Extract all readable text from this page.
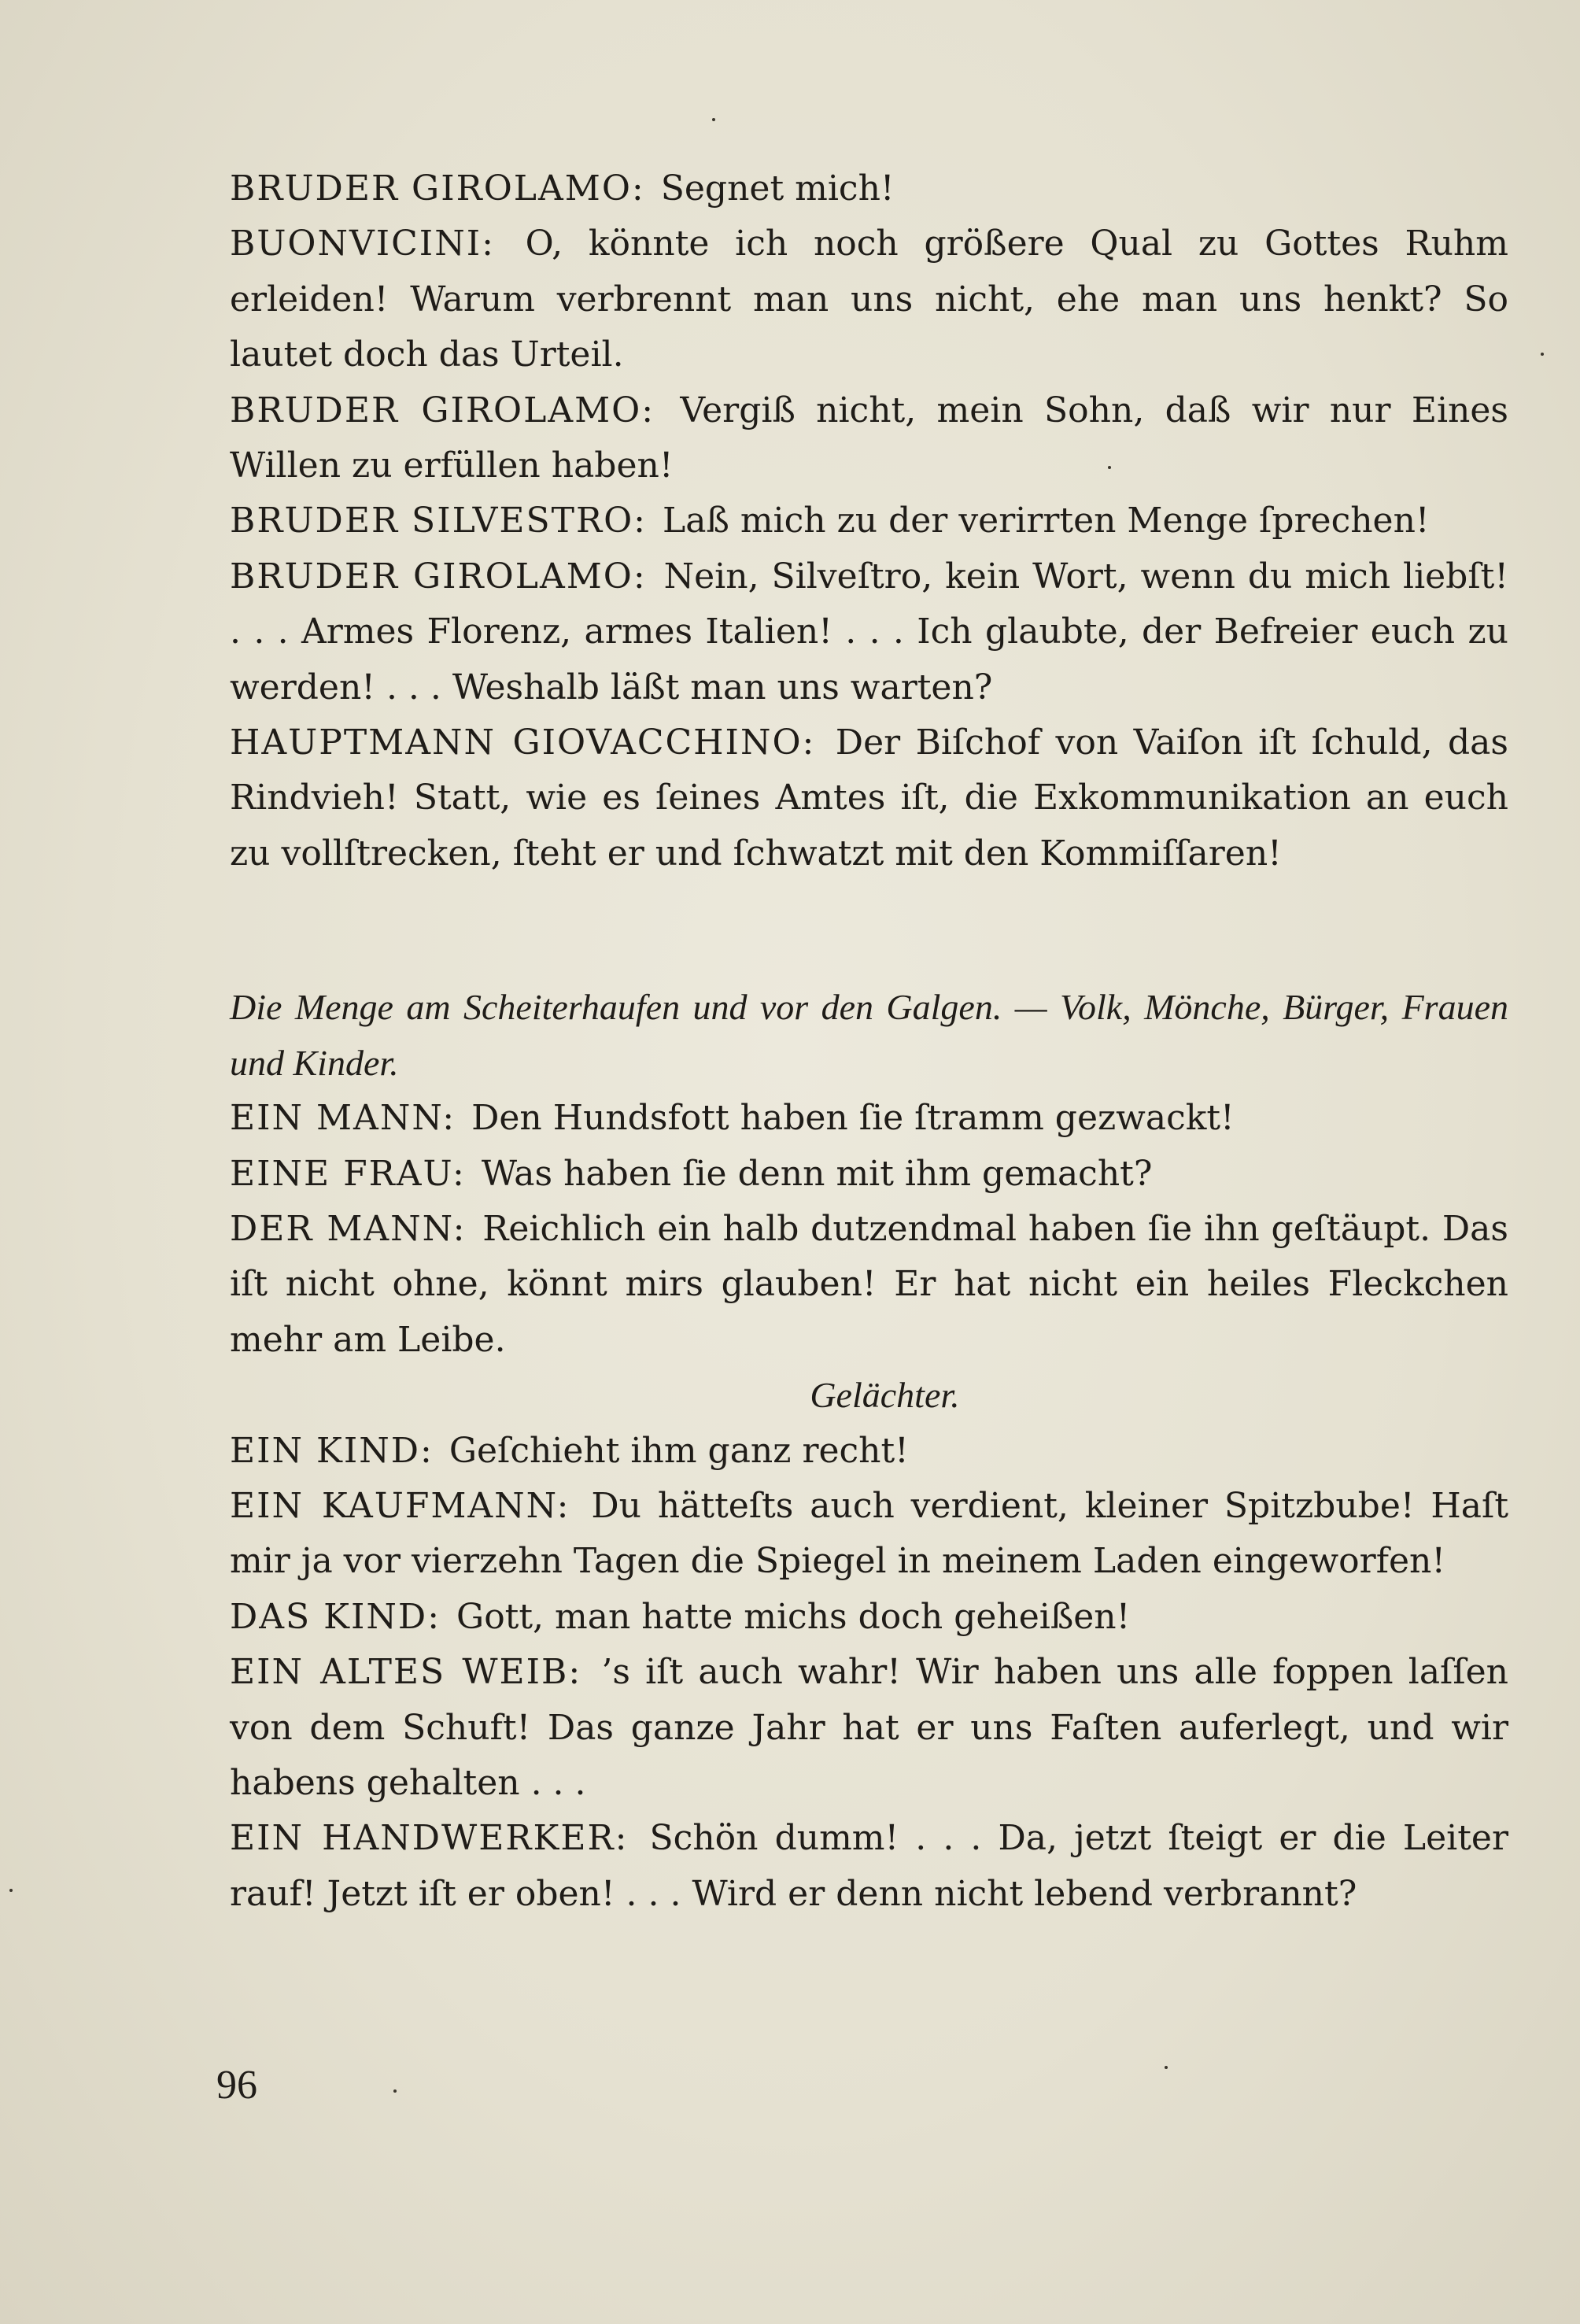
BRUDER GIROLAMO: Segnet mich!

BUONVICINI: O, könnte ich noch größere Qual zu Gottes Ruhm erleiden! Warum verbrennt man uns nicht, ehe man uns henkt? So lautet doch das Urteil.

BRUDER GIROLAMO: Vergiß nicht, mein Sohn, daß wir nur Eines Willen zu erfüllen haben!

BRUDER SILVESTRO: Laß mich zu der verirrten Menge ſprechen!

BRUDER GIROLAMO: Nein, Silveſtro, kein Wort, wenn du mich liebſt! . . . Armes Florenz, armes Italien! . . . Ich glaubte, der Befreier euch zu werden! . . . Weshalb läßt man uns warten?

HAUPTMANN GIOVACCHINO: Der Biſchof von Vaiſon iſt ſchuld, das Rindvieh! Statt, wie es ſeines Amtes iſt, die Exkommunikation an euch zu vollſtrecken, ſteht er und ſchwatzt mit den Kommiſſaren!

Die Menge am Scheiterhaufen und vor den Galgen. — Volk, Mönche, Bürger, Frauen und Kinder.

EIN MANN: Den Hundsfott haben ſie ſtramm gezwackt!

EINE FRAU: Was haben ſie denn mit ihm gemacht?

DER MANN: Reichlich ein halb dutzendmal haben ſie ihn geſtäupt. Das iſt nicht ohne, könnt mirs glauben! Er hat nicht ein heiles Fleckchen mehr am Leibe.

Gelächter.

EIN KIND: Geſchieht ihm ganz recht!

EIN KAUFMANN: Du hätteſts auch verdient, kleiner Spitzbube! Haſt mir ja vor vierzehn Tagen die Spiegel in meinem Laden eingeworfen!

DAS KIND: Gott, man hatte michs doch geheißen!

EIN ALTES WEIB: ’s iſt auch wahr! Wir haben uns alle foppen laſſen von dem Schuft! Das ganze Jahr hat er uns Faſten auferlegt, und wir habens gehalten . . .

EIN HANDWERKER: Schön dumm! . . . Da, jetzt ſteigt er die Leiter rauf! Jetzt iſt er oben! . . . Wird er denn nicht lebend verbrannt?

96
